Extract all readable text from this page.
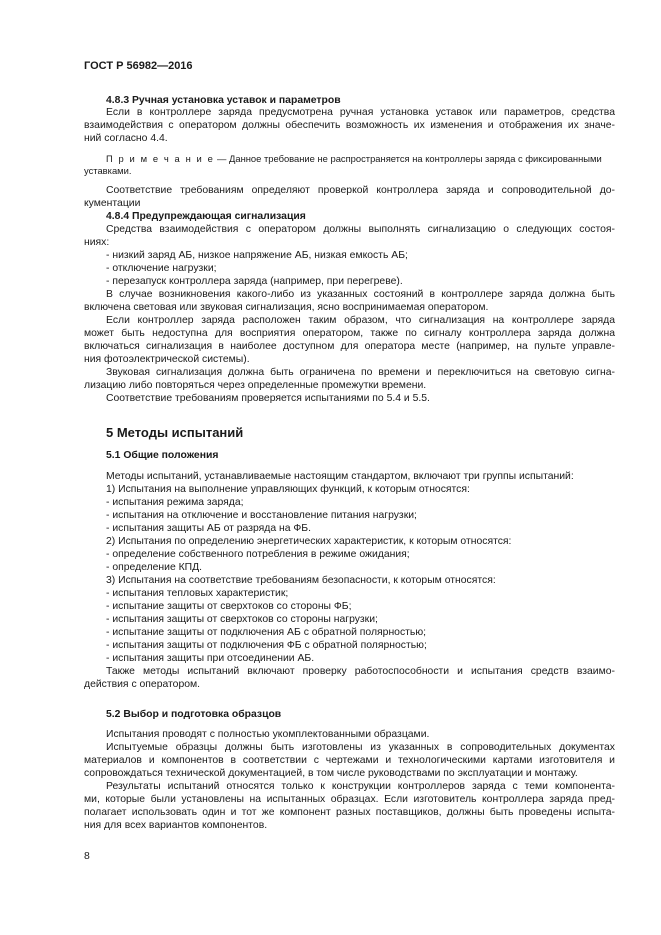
ГОСТ Р 56982—2016
4.8.3 Ручная установка уставок и параметров
Если в контроллере заряда предусмотрена ручная установка уставок или параметров, средства
взаимодействия с оператором должны обеспечить возможность их изменения и отображения их значе-
ний согласно 4.4.
П р и м е ч а н и е — Данное требование не распространяется на контроллеры заряда с фиксированными
уставками.
Соответствие требованиям определяют проверкой контроллера заряда и сопроводительной до-
кументации
4.8.4 Предупреждающая сигнализация
Средства взаимодействия с оператором должны выполнять сигнализацию о следующих состоя-
ниях:
- низкий заряд АБ, низкое напряжение АБ, низкая емкость АБ;
- отключение нагрузки;
- перезапуск контроллера заряда (например, при перегреве).
В случае возникновения какого-либо из указанных состояний в контроллере заряда должна быть
включена световая или звуковая сигнализация, ясно воспринимаемая оператором.
Если контроллер заряда расположен таким образом, что сигнализация на контроллере заряда
может быть недоступна для восприятия оператором, также по сигналу контроллера заряда должна
включаться сигнализация в наиболее доступном для оператора месте (например, на пульте управле-
ния фотоэлектрической системы).
Звуковая сигнализация должна быть ограничена по времени и переключиться на световую сигна-
лизацию либо повторяться через определенные промежутки времени.
Соответствие требованиям проверяется испытаниями по 5.4 и 5.5.
5 Методы испытаний
5.1 Общие положения
Методы испытаний, устанавливаемые настоящим стандартом, включают три группы испытаний:
1) Испытания на выполнение управляющих функций, к которым относятся:
- испытания режима заряда;
- испытания на отключение и восстановление питания нагрузки;
- испытания защиты АБ от разряда на ФБ.
2) Испытания по определению энергетических характеристик, к которым относятся:
- определение собственного потребления в режиме ожидания;
- определение КПД.
3) Испытания на соответствие требованиям безопасности, к которым относятся:
- испытания тепловых характеристик;
- испытание защиты от сверхтоков со стороны ФБ;
- испытания защиты от сверхтоков со стороны нагрузки;
- испытание защиты от подключения АБ с обратной полярностью;
- испытания защиты от подключения ФБ с обратной полярностью;
- испытания защиты при отсоединении АБ.
Также методы испытаний включают проверку работоспособности и испытания средств взаимо-
действия с оператором.
5.2 Выбор и подготовка образцов
Испытания проводят с полностью укомплектованными образцами.
Испытуемые образцы должны быть изготовлены из указанных в сопроводительных документах
материалов и компонентов в соответствии с чертежами и технологическими картами изготовителя и
сопровождаться технической документацией, в том числе руководствами по эксплуатации и монтажу.
Результаты испытаний относятся только к конструкции контроллеров заряда с теми компонента-
ми, которые были установлены на испытанных образцах. Если изготовитель контроллера заряда пред-
полагает использовать один и тот же компонент разных поставщиков, должны быть проведены испыта-
ния для всех вариантов компонентов.
8
